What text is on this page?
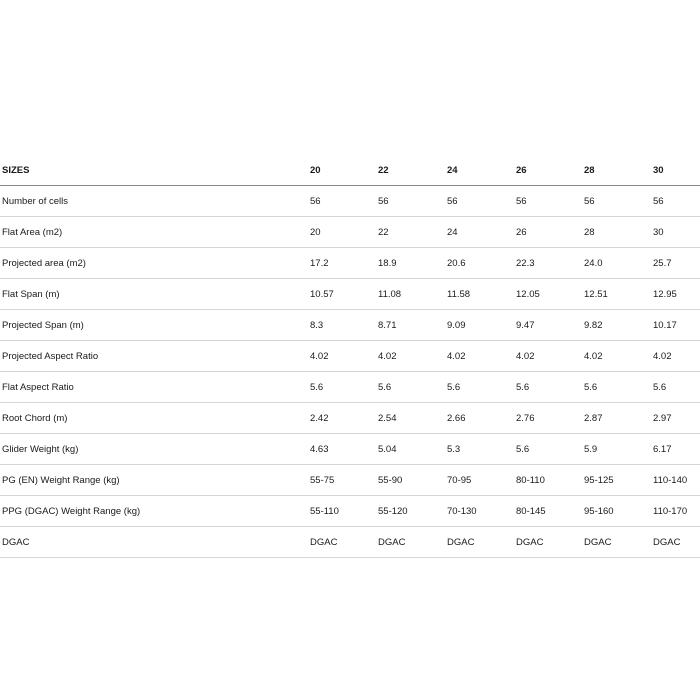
SIZES	20	22	24	26	28	30
Number of cells	56	56	56	56	56	56
Flat Area (m2)	20	22	24	26	28	30
Projected area (m2)	17.2	18.9	20.6	22.3	24.0	25.7
Flat Span (m)	10.57	11.08	11.58	12.05	12.51	12.95
Projected Span (m)	8.3	8.71	9.09	9.47	9.82	10.17
Projected Aspect Ratio	4.02	4.02	4.02	4.02	4.02	4.02
Flat Aspect Ratio	5.6	5.6	5.6	5.6	5.6	5.6
Root Chord (m)	2.42	2.54	2.66	2.76	2.87	2.97
Glider Weight (kg)	4.63	5.04	5.3	5.6	5.9	6.17
PG (EN) Weight Range (kg)	55-75	55-90	70-95	80-110	95-125	110-140
PPG (DGAC) Weight Range (kg)	55-110	55-120	70-130	80-145	95-160	110-170
DGAC	DGAC	DGAC	DGAC	DGAC	DGAC	DGAC
